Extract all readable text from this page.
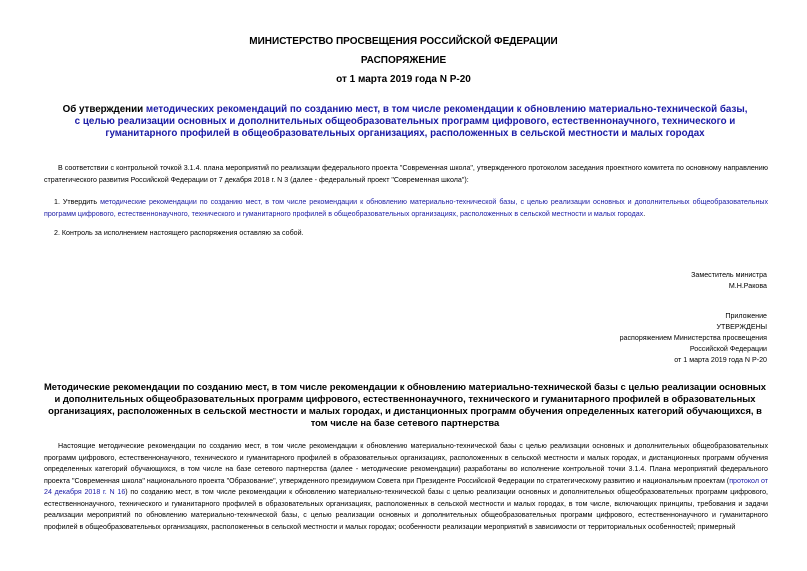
МИНИСТЕРСТВО ПРОСВЕЩЕНИЯ РОССИЙСКОЙ ФЕДЕРАЦИИ
РАСПОРЯЖЕНИЕ
от 1 марта 2019 года N Р-20
Об утверждении методических рекомендаций по созданию мест, в том числе рекомендации к обновлению материально-технической базы, с целью реализации основных и дополнительных общеобразовательных программ цифрового, естественнонаучного, технического и гуманитарного профилей в общеобразовательных организациях, расположенных в сельской местности и малых городах
В соответствии с контрольной точкой 3.1.4. плана мероприятий по реализации федерального проекта "Современная школа", утвержденного протоколом заседания проектного комитета по основному направлению стратегического развития Российской Федерации от 7 декабря 2018 г. N 3 (далее - федеральный проект "Современная школа"):
1. Утвердить методические рекомендации по созданию мест, в том числе рекомендации к обновлению материально-технической базы, с целью реализации основных и дополнительных общеобразовательных программ цифрового, естественнонаучного, технического и гуманитарного профилей в общеобразовательных организациях, расположенных в сельской местности и малых городах.
2. Контроль за исполнением настоящего распоряжения оставляю за собой.
Заместитель министра
М.Н.Ракова
Приложение
УТВЕРЖДЕНЫ
распоряжением Министерства просвещения
Российской Федерации
от 1 марта 2019 года N Р-20
Методические рекомендации по созданию мест, в том числе рекомендации к обновлению материально-технической базы с целью реализации основных и дополнительных общеобразовательных программ цифрового, естественнонаучного, технического и гуманитарного профилей в образовательных организациях, расположенных в сельской местности и малых городах, и дистанционных программ обучения определенных категорий обучающихся, в том числе на базе сетевого партнерства
Настоящие методические рекомендации по созданию мест, в том числе рекомендации к обновлению материально-технической базы с целью реализации основных и дополнительных общеобразовательных программ цифрового, естественнонаучного, технического и гуманитарного профилей в образовательных организациях, расположенных в сельской местности и малых городах, и дистанционных программ обучения определенных категорий обучающихся, в том числе на базе сетевого партнерства (далее - методические рекомендации) разработаны во исполнение контрольной точки 3.1.4. Плана мероприятий федерального проекта "Современная школа" национального проекта "Образование", утвержденного президиумом Совета при Президенте Российской Федерации по стратегическому развитию и национальным проектам (протокол от 24 декабря 2018 г. N 16) по созданию мест, в том числе рекомендации к обновлению материально-технической базы с целью реализации основных и дополнительных общеобразовательных программ цифрового, естественнонаучного, технического и гуманитарного профилей в образовательных организациях, расположенных в сельской местности и малых городах, в том числе, включающих принципы, требования и задачи реализации мероприятий по обновлению материально-технической базы, с целью реализации основных и дополнительных общеобразовательных программ цифрового, естественнонаучного и гуманитарного профилей в общеобразовательных организациях, расположенных в сельской местности и малых городах; особенности реализации мероприятий в зависимости от территориальных особенностей; примерный
